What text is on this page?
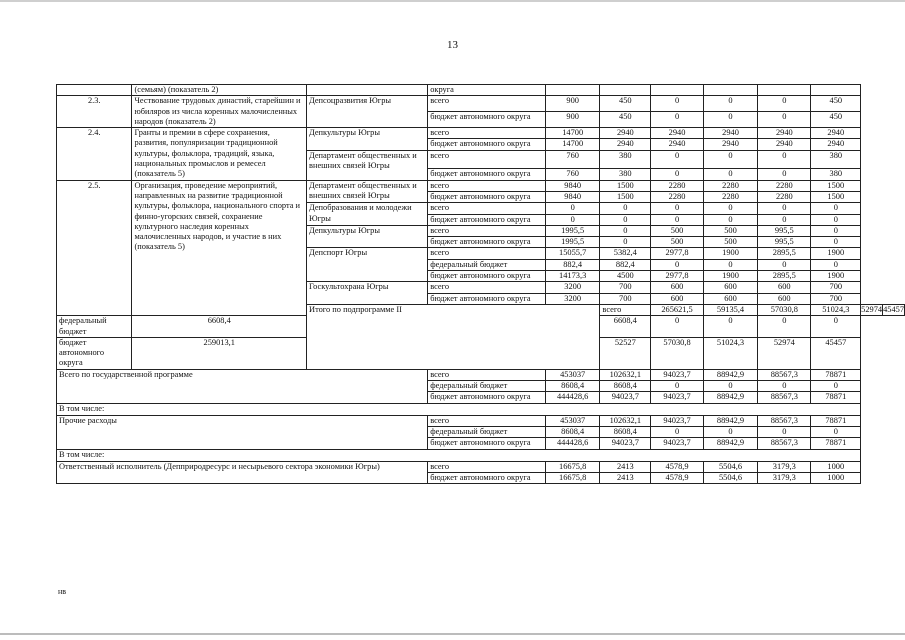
13
	(семьям) (показатель 2)		округа								
2.3.	Чествование трудовых династий, старейшин и юбиляров из числа коренных малочисленных народов (показатель 2)	Депсоцразвития Югры	всего	900	450	0	0	0	450		
			бюджет автономного округа	900	450	0	0	0	450		
2.4.	Гранты и премии в сфере сохранения, развития, популяризации традиционной культуры, фольклора, традиций, языка, национальных промыслов и ремесел (показатель 5)	Депкультуры Югры	всего	14700	2940	2940	2940	2940	2940		
			бюджет автономного округа	14700	2940	2940	2940	2940	2940		
		Департамент общественных и внешних связей Югры	всего	760	380	0	0	0	380		
			бюджет автономного округа	760	380	0	0	0	380		
2.5.	Организация, проведение мероприятий, направленных на развитие традиционной культуры, фольклора, национального спорта и финно-угорских связей, сохранение культурного наследия коренных малочисленных народов, и участие в них (показатель 5)	Департамент общественных и внешних связей Югры	всего	9840	1500	2280	2280	2280	1500		
			бюджет автономного округа	9840	1500	2280	2280	2280	1500		
		Депобразования и молодежи Югры	всего	0	0	0	0	0	0		
			бюджет автономного округа	0	0	0	0	0	0		
		Депкультуры Югры	всего	1995,5	0	500	500	995,5	0		
			бюджет автономного округа	1995,5	0	500	500	995,5	0		
		Депспорт Югры	всего	15055,7	5382,4	2977,8	1900	2895,5	1900		
			федеральный бюджет	882,4	882,4	0	0	0	0		
			бюджет автономного округа	14173,3	4500	2977,8	1900	2895,5	1900		
		Госкультохрана Югры	всего	3200	700	600	600	600	700		
			бюджет автономного округа	3200	700	600	600	600	700		
		Итого по подпрограмме II			всего	265621,5	59135,4	57030,8	51024,3	52974	45457
федеральный бюджет	6608,4				6608,4	0	0	0	0		
бюджет автономного округа	259013,1				52527	57030,8	51024,3	52974	45457		
Всего по государственной программе			всего	453037	102632,1	94023,7	88942,9	88567,3	78871		
			федеральный бюджет	8608,4	8608,4	0	0	0	0		
			бюджет автономного округа	444428,6	94023,7	94023,7	88942,9	88567,3	78871		
В том числе:											
Прочие расходы			всего	453037	102632,1	94023,7	88942,9	88567,3	78871		
			федеральный бюджет	8608,4	8608,4	0	0	0	0		
			бюджет автономного округа	444428,6	94023,7	94023,7	88942,9	88567,3	78871		
В том числе:											
Ответственный исполнитель (Депприродресурс и несырьевого сектора экономики Югры)			всего	16675,8	2413	4578,9	5504,6	3179,3	1000		
			бюджет автономного округа	16675,8	2413	4578,9	5504,6	3179,3	1000		
нв
